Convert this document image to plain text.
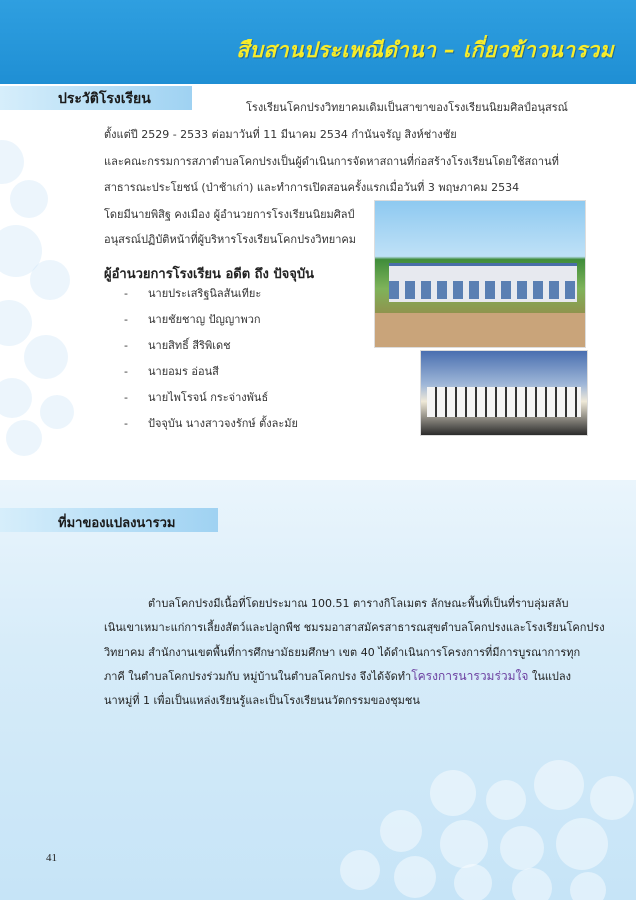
สืบสานประเพณีดำนา – เกี่ยวข้าวนารวม
ประวัติโรงเรียน
โรงเรียนโคกปรงวิทยาคมเดิมเป็นสาขาของโรงเรียนนิยมศิลป์อนุสรณ์
ตั้งแต่ปี 2529 - 2533 ต่อมาวันที่ 11 มีนาคม 2534 กำนันจรัญ สิงห์ช่างชัย
และคณะกรรมการสภาตำบลโคกปรงเป็นผู้ดำเนินการจัดหาสถานที่ก่อสร้างโรงเรียนโดยใช้สถานที่
สาธารณะประโยชน์ (ป่าช้าเก่า) และทำการเปิดสอนครั้งแรกเมื่อวันที่ 3 พฤษภาคม 2534
โดยมีนายพิสิฐ คงเมือง ผู้อำนวยการโรงเรียนนิยมศิลป์
อนุสรณ์ปฏิบัติหน้าที่ผู้บริหารโรงเรียนโคกปรงวิทยาคม
ผู้อำนวยการโรงเรียน อดีต ถึง ปัจจุบัน
- นายประเสริฐนิลสันเทียะ
- นายชัยชาญ ปัญญาพวก
- นายสิทธิ์ สีริพิเดช
- นายอมร อ่อนสี
- นายไพโรจน์ กระจ่างพันธ์
- ปัจจุบัน นางสาวจงรักษ์ ตั้งละมัย
ที่มาของแปลงนารวม
ตำบลโคกปรงมีเนื้อที่โดยประมาณ 100.51 ตารางกิโลเมตร ลักษณะพื้นที่เป็นที่ราบลุ่มสลับ
เนินเขาเหมาะแก่การเลี้ยงสัตว์และปลูกพืช ชมรมอาสาสมัครสาธารณสุขตำบลโคกปรงและโรงเรียนโคกปรง
วิทยาคม สำนักงานเขตพื้นที่การศึกษามัธยมศึกษา เขต 40 ได้ดำเนินการโครงการที่มีการบูรณาการทุก
ภาคี ในตำบลโคกปรงร่วมกับ หมู่บ้านในตำบลโคกปรง จึงได้จัดทำโครงการนารวมร่วมใจ ในแปลง
นาหมู่ที่ 1 เพื่อเป็นแหล่งเรียนรู้และเป็นโรงเรียนนวัตกรรมของชุมชน
41
